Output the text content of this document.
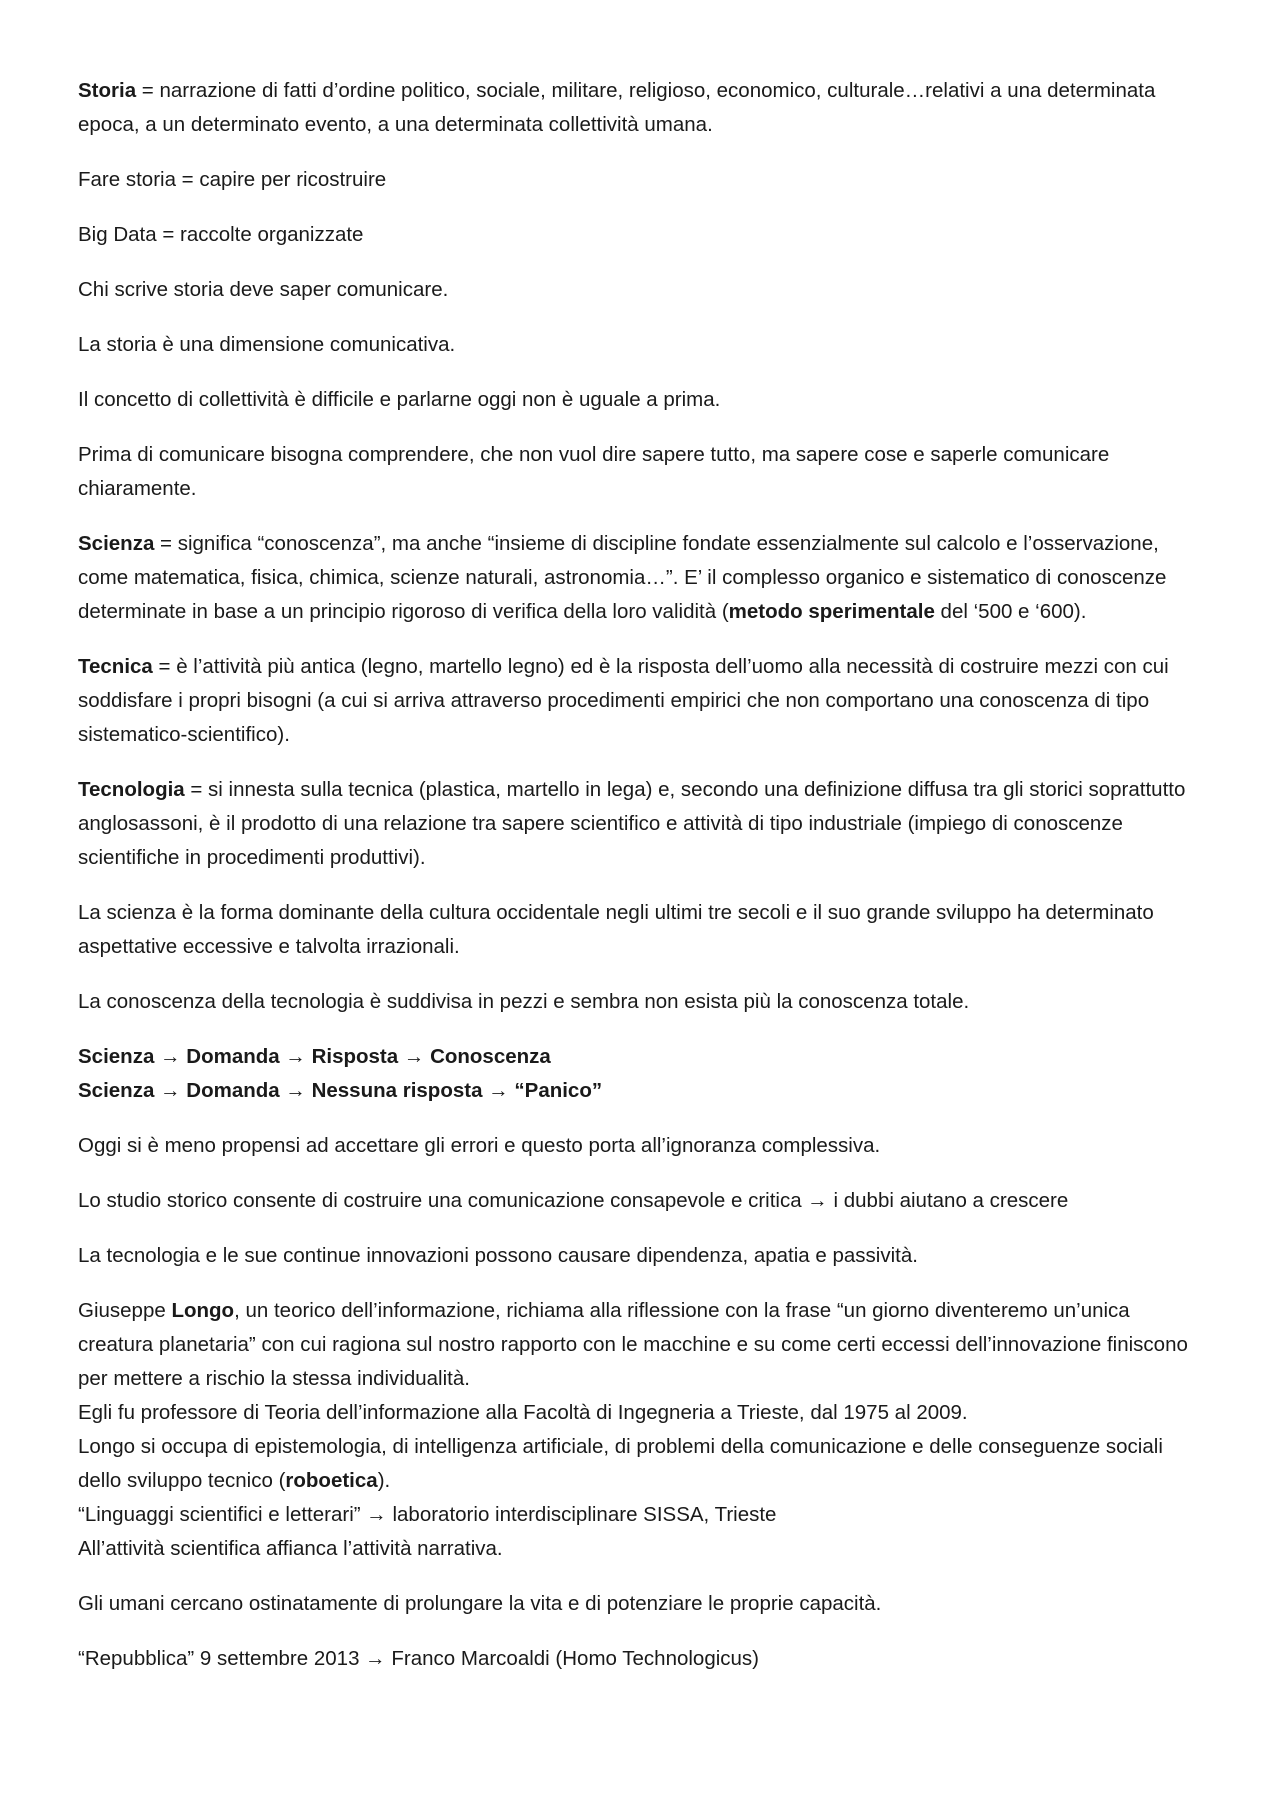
Storia = narrazione di fatti d’ordine politico, sociale, militare, religioso, economico, culturale…relativi a una determinata epoca, a un determinato evento, a una determinata collettività umana.

Fare storia = capire per ricostruire

Big Data = raccolte organizzate

Chi scrive storia deve saper comunicare.

La storia è una dimensione comunicativa.

Il concetto di collettività è difficile e parlarne oggi non è uguale a prima.

Prima di comunicare bisogna comprendere, che non vuol dire sapere tutto, ma sapere cose e saperle comunicare chiaramente.

Scienza = significa “conoscenza”, ma anche “insieme di discipline fondate essenzialmente sul calcolo e l’osservazione, come matematica, fisica, chimica, scienze naturali, astronomia…”. E’ il complesso organico e sistematico di conoscenze determinate in base a un principio rigoroso di verifica della loro validità (metodo sperimentale del ‘500 e ‘600).

Tecnica = è l’attività più antica (legno, martello legno) ed è la risposta dell’uomo alla necessità di costruire mezzi con cui soddisfare i propri bisogni (a cui si arriva attraverso procedimenti empirici che non comportano una conoscenza di tipo sistematico-scientifico).

Tecnologia = si innesta sulla tecnica (plastica, martello in lega) e, secondo una definizione diffusa tra gli storici soprattutto anglosassoni, è il prodotto di una relazione tra sapere scientifico e attività di tipo industriale (impiego di conoscenze scientifiche in procedimenti produttivi).

La scienza è la forma dominante della cultura occidentale negli ultimi tre secoli e il suo grande sviluppo ha determinato aspettative eccessive e talvolta irrazionali.

La conoscenza della tecnologia è suddivisa in pezzi e sembra non esista più la conoscenza totale.

Scienza → Domanda → Risposta → Conoscenza
Scienza → Domanda → Nessuna risposta → “Panico”

Oggi si è meno propensi ad accettare gli errori e questo porta all’ignoranza complessiva.

Lo studio storico consente di costruire una comunicazione consapevole e critica → i dubbi aiutano a crescere

La tecnologia e le sue continue innovazioni possono causare dipendenza, apatia e passività.

Giuseppe Longo, un teorico dell’informazione, richiama alla riflessione con la frase “un giorno diventeremo un’unica creatura planetaria” con cui ragiona sul nostro rapporto con le macchine e su come certi eccessi dell’innovazione finiscono per mettere a rischio la stessa individualità.
Egli fu professore di Teoria dell’informazione alla Facoltà di Ingegneria a Trieste, dal 1975 al 2009.
Longo si occupa di epistemologia, di intelligenza artificiale, di problemi della comunicazione e delle conseguenze sociali dello sviluppo tecnico (roboetica).
“Linguaggi scientifici e letterari” → laboratorio interdisciplinare SISSA, Trieste
All’attività scientifica affianca l’attività narrativa.

Gli umani cercano ostinatamente di prolungare la vita e di potenziare le proprie capacità.

“Repubblica” 9 settembre 2013 → Franco Marcoaldi (Homo Technologicus)
